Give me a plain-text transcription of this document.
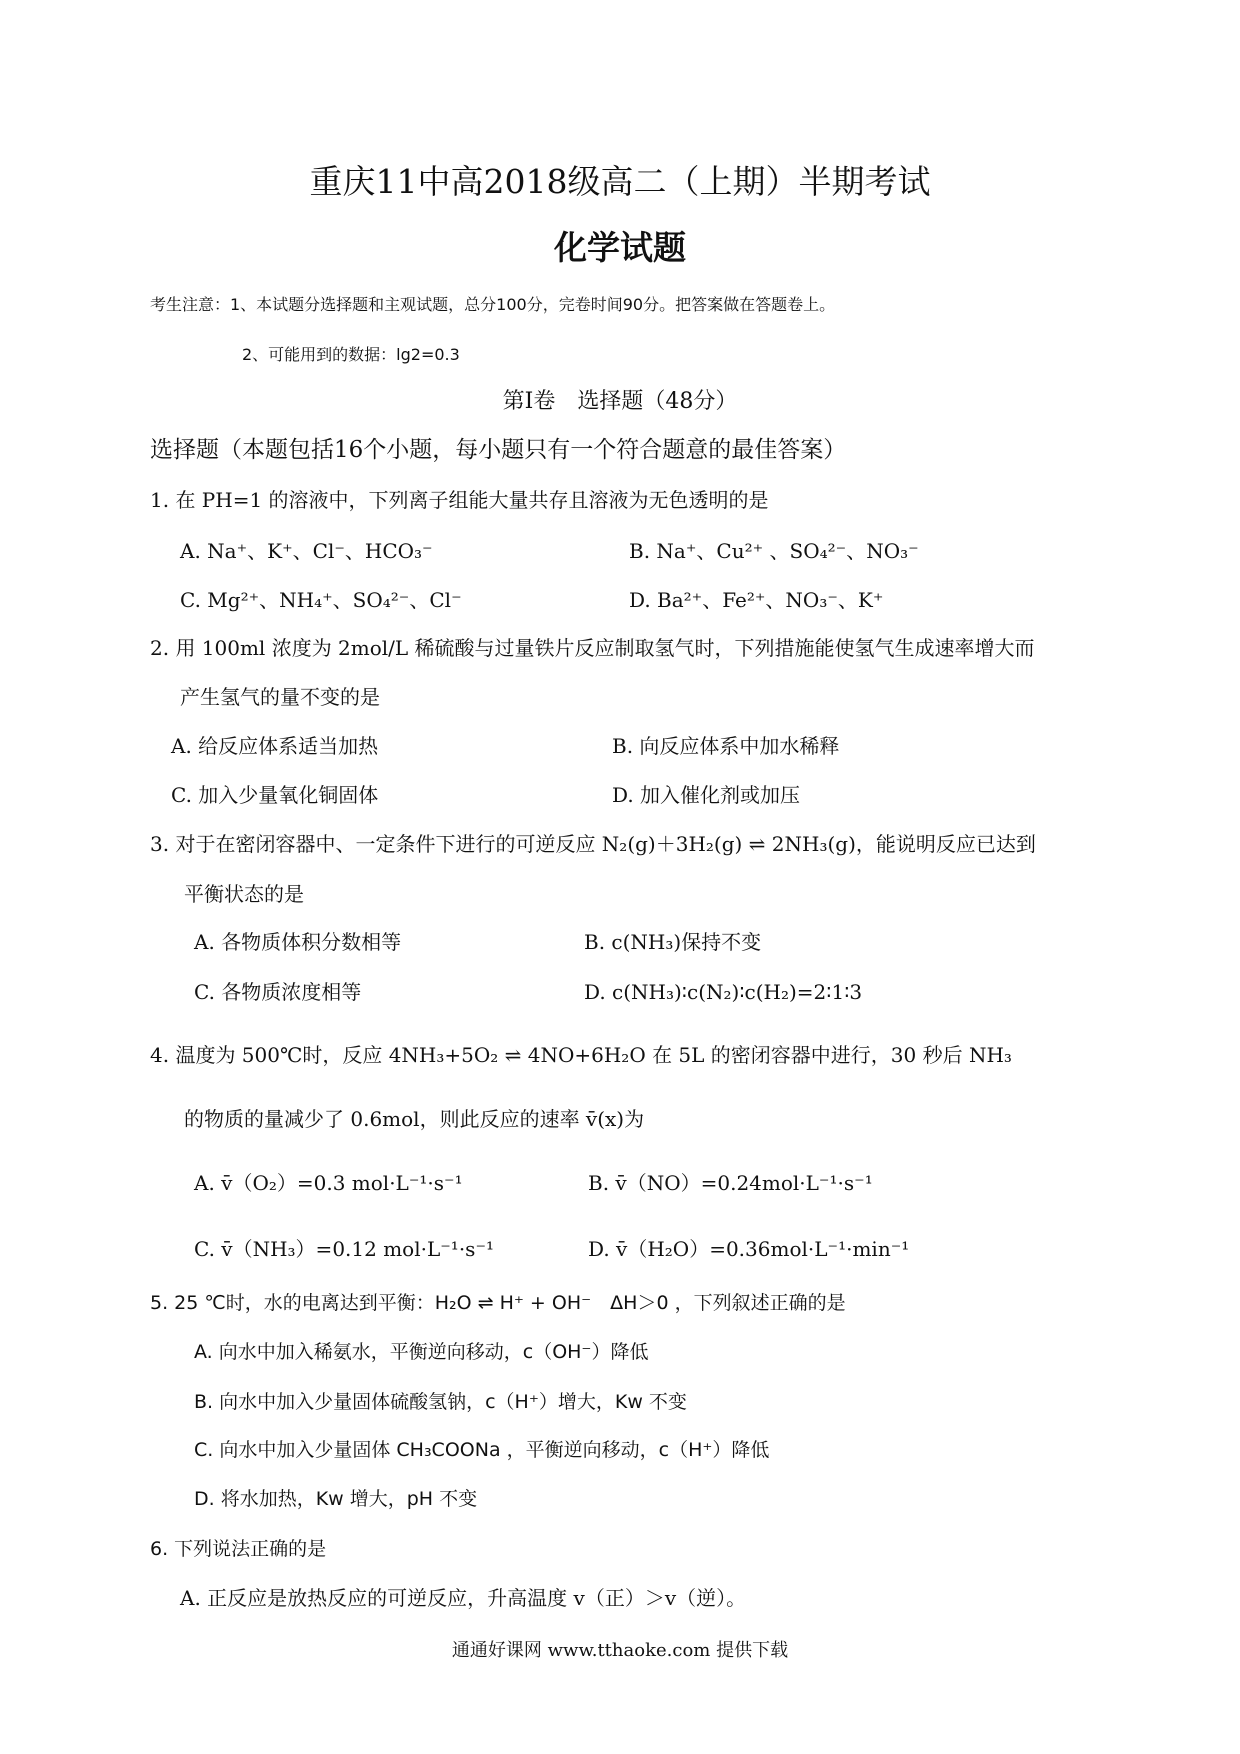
重庆11中高2018级高二（上期）半期考试
化学试题
考生注意：1、本试题分选择题和主观试题，总分100分，完卷时间90分。把答案做在答题卷上。
2、可能用到的数据：lg2=0.3
第Ⅰ卷　选择题（48分）
选择题（本题包括16个小题，每小题只有一个符合题意的最佳答案）
1. 在 PH=1 的溶液中，下列离子组能大量共存且溶液为无色透明的是
A. Na⁺、K⁺、Cl⁻、HCO₃⁻	B. Na⁺、Cu²⁺ 、SO₄²⁻、NO₃⁻
C. Mg²⁺、NH₄⁺、SO₄²⁻、Cl⁻	D. Ba²⁺、Fe²⁺、NO₃⁻、K⁺
2. 用 100ml 浓度为 2mol/L 稀硫酸与过量铁片反应制取氢气时，下列措施能使氢气生成速率增大而
产生氢气的量不变的是
A. 给反应体系适当加热	B. 向反应体系中加水稀释
C. 加入少量氧化铜固体	D. 加入催化剂或加压
3. 对于在密闭容器中、一定条件下进行的可逆反应 N₂(g)＋3H₂(g) ⇌ 2NH₃(g)，能说明反应已达到
平衡状态的是
A. 各物质体积分数相等	B. c(NH₃)保持不变
C. 各物质浓度相等	D. c(NH₃)∶c(N₂)∶c(H₂)=2∶1∶3
4. 温度为 500℃时，反应 4NH₃+5O₂ ⇌ 4NO+6H₂O 在 5L 的密闭容器中进行，30 秒后 NH₃
的物质的量减少了 0.6mol，则此反应的速率 v̄(x)为
A. v̄（O₂）=0.3 mol·L⁻¹·s⁻¹	B. v̄（NO）=0.24mol·L⁻¹·s⁻¹
C. v̄（NH₃）=0.12 mol·L⁻¹·s⁻¹	D. v̄（H₂O）=0.36mol·L⁻¹·min⁻¹
5. 25 ℃时，水的电离达到平衡：H₂O ⇌ H⁺ + OH⁻　ΔH＞0 ，下列叙述正确的是
A. 向水中加入稀氨水，平衡逆向移动，c（OH⁻）降低
B. 向水中加入少量固体硫酸氢钠，c（H⁺）增大，Kw 不变
C. 向水中加入少量固体 CH₃COONa ，平衡逆向移动，c（H⁺）降低
D. 将水加热，Kw 增大，pH 不变
6. 下列说法正确的是
A. 正反应是放热反应的可逆反应，升高温度 v（正）＞v（逆）。
通通好课网 www.tthaoke.com 提供下载
